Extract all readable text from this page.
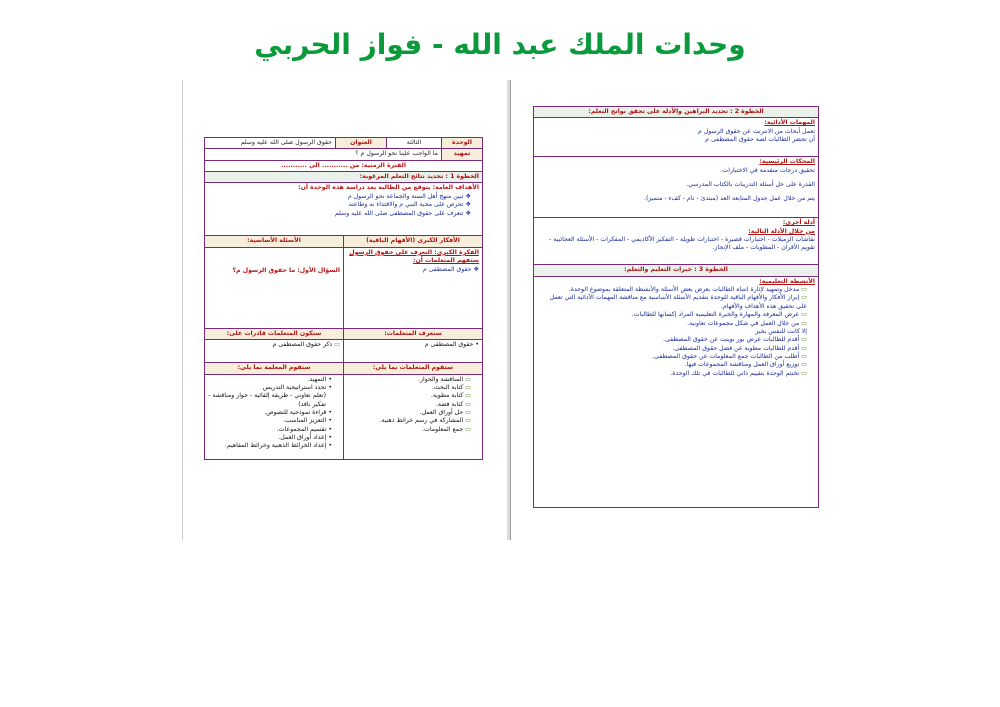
وحدات الملك عبد الله - فواز الحربي
الوحدة
الثالثة
العنوان
حقوق الرسول صلى الله عليه وسلم
تمهيد
ما الواجب علينا نحو الرسول م ؟
الفترة الزمنية: من ........... الي ...........
الخطوة 1 : تحديد نتائج التعلم المرغوبة:
الأهداف العامة: يتوقع من الطالبة بعد دراسة هذه الوحدة أن:
❖ تبين منهج أهل السنة والجماعة نحو الرسول م
❖ تحرص على محبة النبي م والاقتداء به وطاعته
❖ تتعرف على حقوق المصطفى صلى الله عليه وسلم
الأفكار الكبرى (الأفهام الباقية)
الأسئلة الأساسية:
الفكرة الكبرى: التعرف على حقوق الرسول
ستفهم المتعلمات أن:
❖ حقوق المصطفى م
السؤال الأول: ما حقوق الرسول م؟
ستعرف المتعلمات:
ستكون المتعلمات قادرات على:
• حقوق المصطفى م
▭ ذكر حقوق المصطفى م
ستقوم المتعلمات بما يلي:
ستقوم المعلمة بما يلي:
▭ المناقشة والحوار.
▭ كتابة البحث.
▭ كتابة مطوية.
▭ كتابة قصة.
▭ حل أوراق العمل.
▭ المشاركة في رسم خرائط ذهنية.
▭ جمع المعلومات.
• التمهيد.
• تحدد استراتيجية التدريس
(تعلم تعاوني - طريقة إلقائية - حوار ومناقشة - تفكير ناقد)
• قراءة نموذجية للنصوص.
• التعزيز المناسب.
• تقسيم المجموعات.
• إعداد أوراق العمل.
• إعداد الخرائط الذهنية وخرائط المفاهيم.
الخطوة 2 : تحديد البراهين والأدلة على تحقق نواتج التعلم:
المهمات الأدائية:
تعمل أبحاث من الانترنت عن حقوق الرسول م
أن تحضر الطالبات لصة حقوق المصطفى م
المحكات الرئيسية:
تحقيق درجات متقدمة في الاختبارات.
القدرة على حل أسئلة التدريبات بالكتاب المدرسي.
يتم من خلال عمل جدول المتابعة العد (مبتدئ - تام - كفء - متميز).
أدلة أخرى:
من خلال الأدلة التالية:
نقاشات الزميلات - اختبارات قصيرة - اختبارات طويلة - التفكير الأكاديمي - المفكرات - الأسئلة العجائبية - تقويم الأقران - المطويات - ملف الإنجاز.
الخطوة 3 : خبرات التعليم والتعلم:
الأنشطة التعليمية:
▭ مدخل وتمهيد لإثارة انتباه الطالبات بعرض بعض الأسئلة والأنشطة المتعلقة بموضوع الوحدة.
▭ إبراز الأفكار والأفهام الباقية للوحدة بتقديم الأسئلة الأساسية مع مناقشة المهمات الأدائية التي تعمل على تحقيق هذه الأهداف والأفهام.
▭ عرض المعرفة والمهارة والخبرة التعليمية المراد إكسابها للطالبات.
▭ من خلال العمل في شكل مجموعات تعاونية.
إلا كانت للنفس بخير
▭ أقدم للطالبات عرض بور بوينت عن حقوق المصطفى.
▭ أقدم للطالبات مطوية عن فضل حقوق المصطفى.
▭ أطلب من الطالبات جمع المعلومات عن حقوق المصطفى.
▭ توزيع أوراق العمل ومناقشة المجموعات فيها.
▭ تختتم الوحدة بتقييم ذاتي للطالبات في تلك الوحدة.
